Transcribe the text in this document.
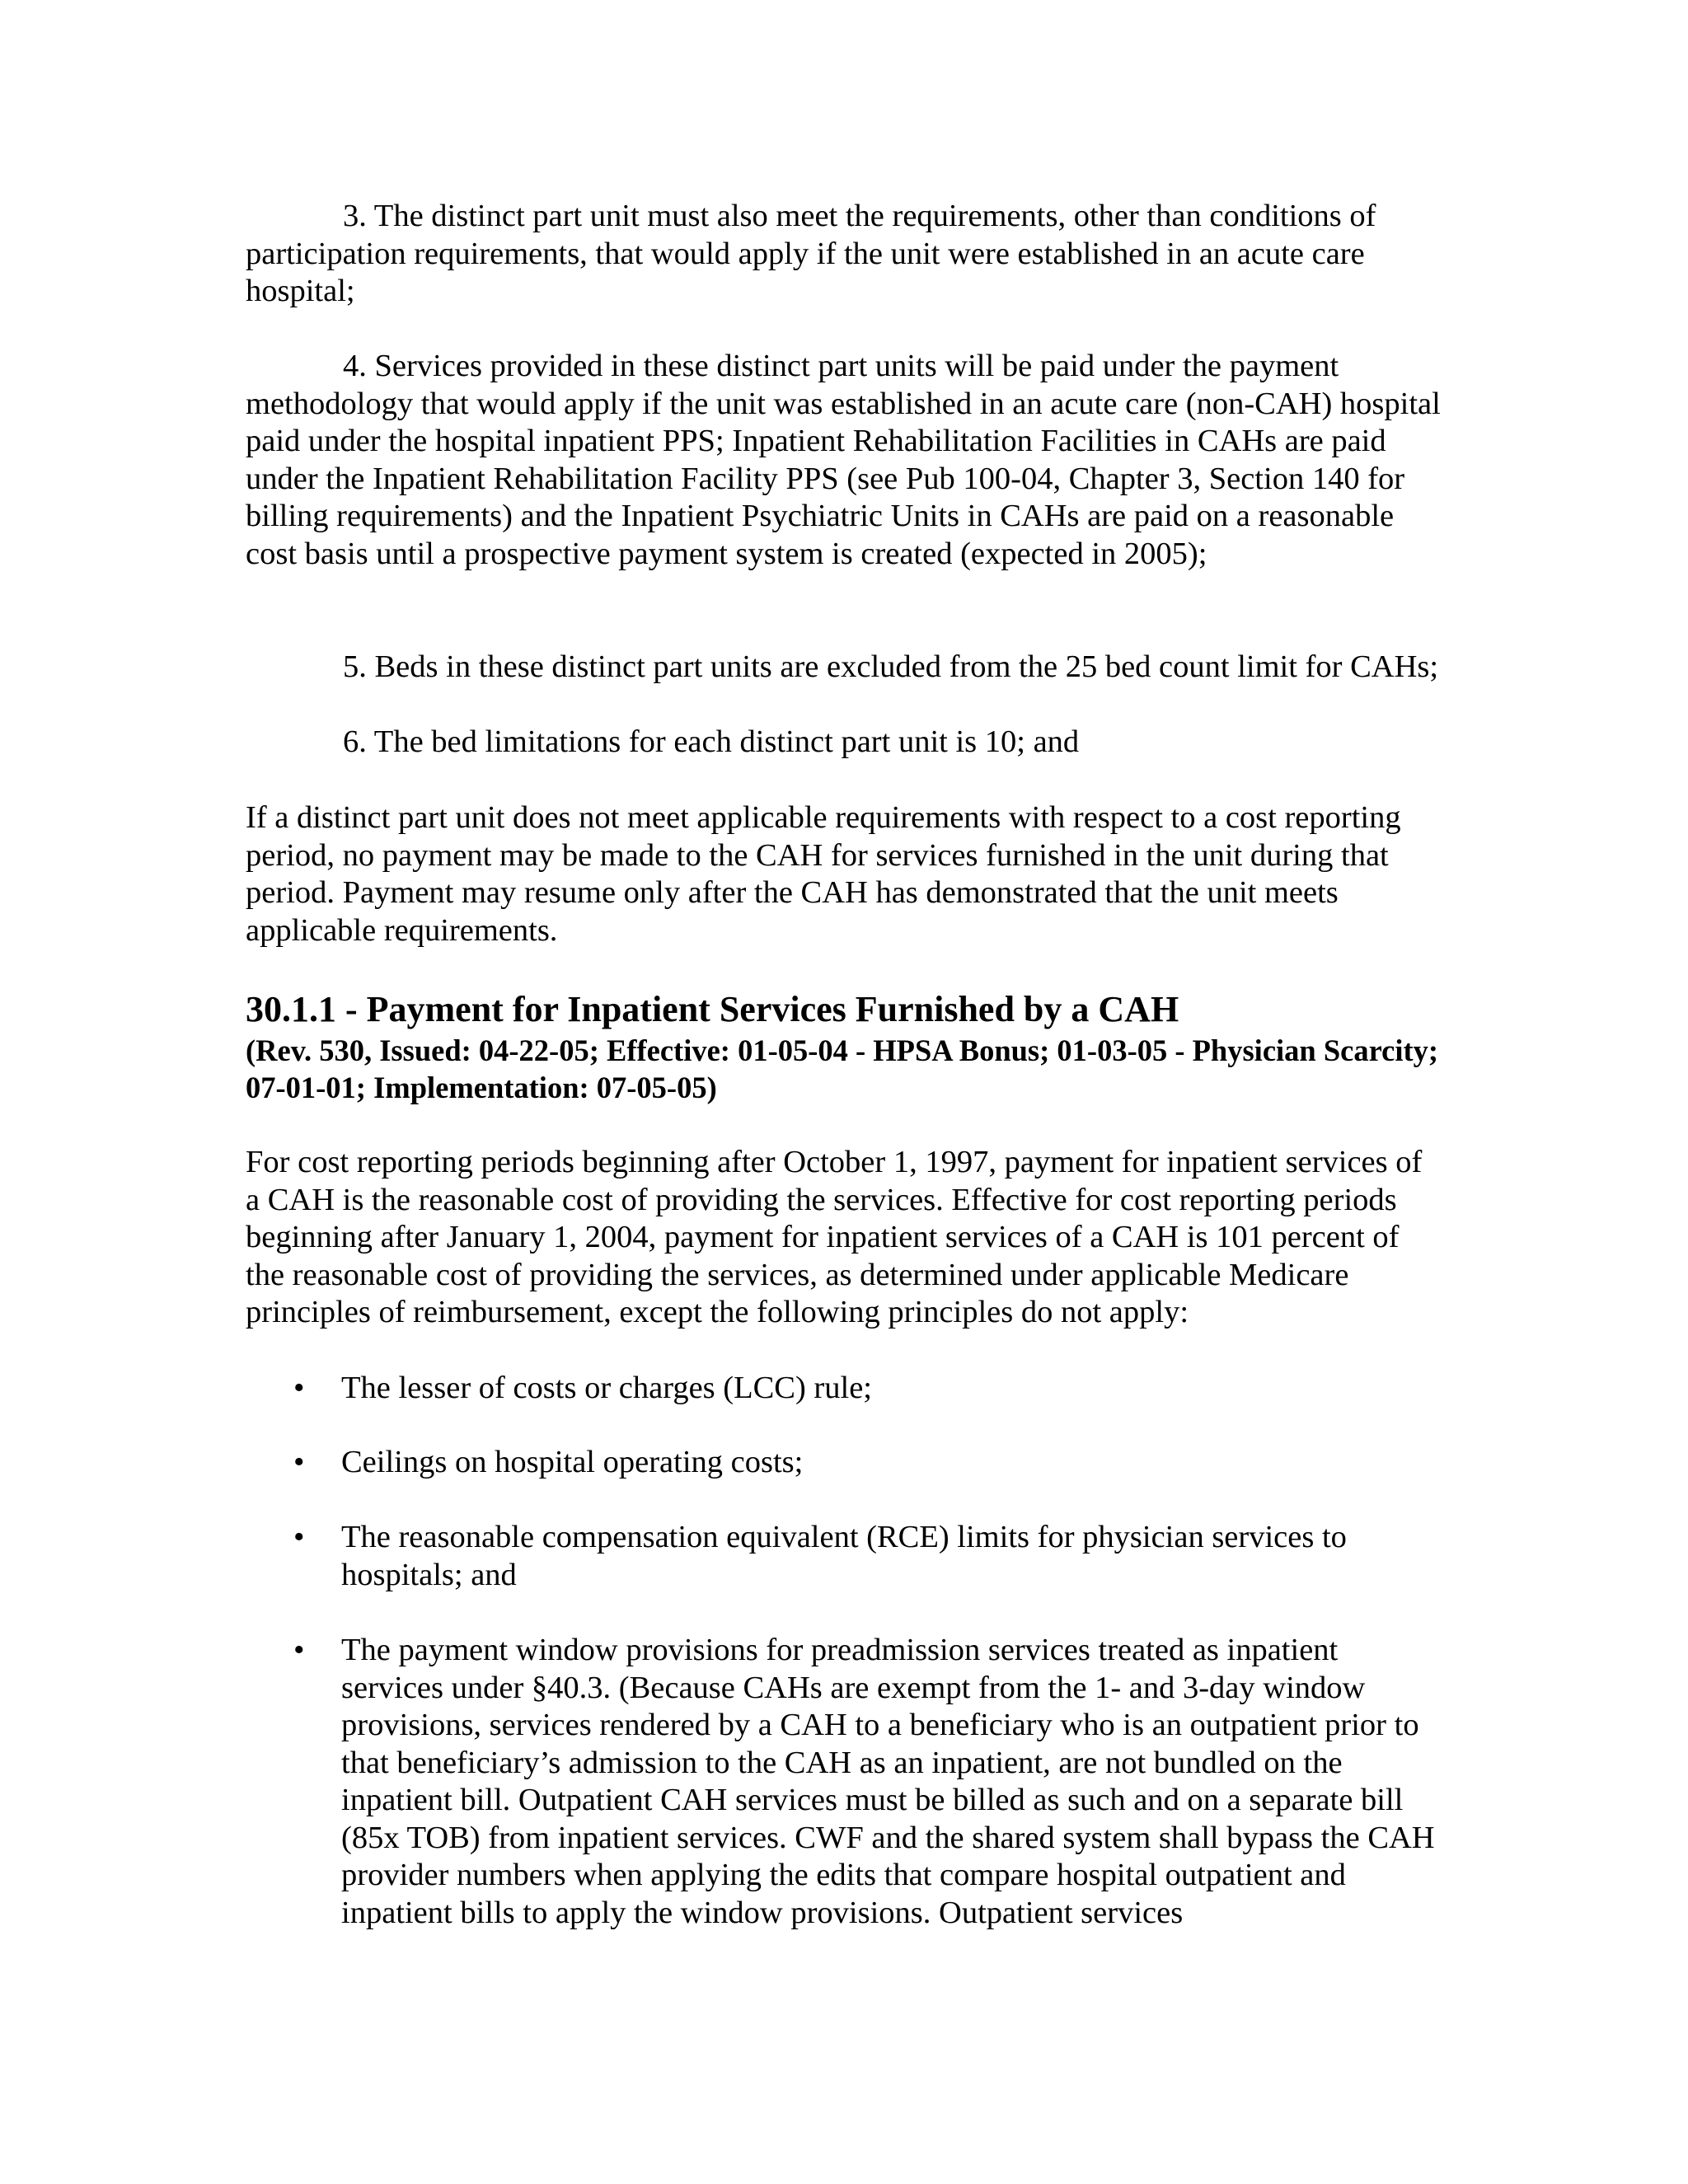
3. The distinct part unit must also meet the requirements, other than conditions of participation requirements, that would apply if the unit were established in an acute care hospital;

4. Services provided in these distinct part units will be paid under the payment methodology that would apply if the unit was established in an acute care (non-CAH) hospital paid under the hospital inpatient PPS; Inpatient Rehabilitation Facilities in CAHs are paid under the Inpatient Rehabilitation Facility PPS (see Pub 100-04, Chapter 3, Section 140 for billing requirements) and the Inpatient Psychiatric Units in CAHs are paid on a reasonable cost basis until a prospective payment system is created (expected in 2005);

5. Beds in these distinct part units are excluded from the 25 bed count limit for CAHs;

6. The bed limitations for each distinct part unit is 10; and

If a distinct part unit does not meet applicable requirements with respect to a cost reporting period, no payment may be made to the CAH for services furnished in the unit during that period. Payment may resume only after the CAH has demonstrated that the unit meets applicable requirements.

30.1.1 - Payment for Inpatient Services Furnished by a CAH

(Rev. 530, Issued: 04-22-05; Effective: 01-05-04 - HPSA Bonus; 01-03-05 - Physician Scarcity; 07-01-01; Implementation: 07-05-05)

For cost reporting periods beginning after October 1, 1997, payment for inpatient services of a CAH is the reasonable cost of providing the services. Effective for cost reporting periods beginning after January 1, 2004, payment for inpatient services of a CAH is 101 percent of the reasonable cost of providing the services, as determined under applicable Medicare principles of reimbursement, except the following principles do not apply:

• The lesser of costs or charges (LCC) rule;
• Ceilings on hospital operating costs;
• The reasonable compensation equivalent (RCE) limits for physician services to hospitals; and
• The payment window provisions for preadmission services treated as inpatient services under §40.3. (Because CAHs are exempt from the 1- and 3-day window provisions, services rendered by a CAH to a beneficiary who is an outpatient prior to that beneficiary’s admission to the CAH as an inpatient, are not bundled on the inpatient bill. Outpatient CAH services must be billed as such and on a separate bill (85x TOB) from inpatient services. CWF and the shared system shall bypass the CAH provider numbers when applying the edits that compare hospital outpatient and inpatient bills to apply the window provisions. Outpatient services
